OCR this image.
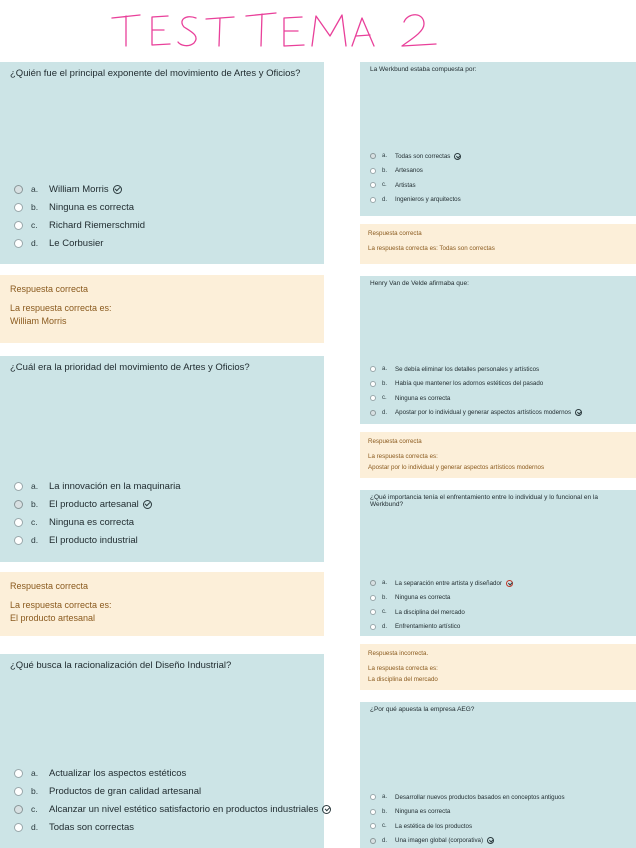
¿Quién fue el principal exponente del movimiento de Artes y Oficios?
a.	William Morris
b.	Ninguna es correcta
c.	Richard Riemerschmid
d.	Le Corbusier
Respuesta correcta
La respuesta correcta es:
William Morris
¿Cuál era la prioridad del movimiento de Artes y Oficios?
a.	La innovación en la maquinaria
b.	El producto artesanal
c.	Ninguna es correcta
d.	El producto industrial
Respuesta correcta
La respuesta correcta es:
El producto artesanal
¿Qué busca la racionalización del Diseño Industrial?
a.	Actualizar los aspectos estéticos
b.	Productos de gran calidad artesanal
c.	Alcanzar un nivel estético satisfactorio en productos industriales
d.	Todas son correctas
La Werkbund estaba compuesta por:
a.	Todas son correctas
b.	Artesanos
c.	Artistas
d.	Ingenieros y arquitectos
Respuesta correcta
La respuesta correcta es: Todas son correctas
Henry Van de Velde afirmaba que:
a.	Se debía eliminar los detalles personales y artísticos
b.	Había que mantener los adornos estéticos del pasado
c.	Ninguna es correcta
d.	Apostar por lo individual y generar aspectos artísticos modernos
Respuesta correcta
La respuesta correcta es:
Apostar por lo individual y generar aspectos artísticos modernos
¿Qué importancia tenía el enfrentamiento entre lo individual y lo funcional en la Werkbund?
a.	La separación entre artista y diseñador
b.	Ninguna es correcta
c.	La disciplina del mercado
d.	Enfrentamiento artístico
Respuesta incorrecta.
La respuesta correcta es:
La disciplina del mercado
¿Por qué apuesta la empresa AEG?
a.	Desarrollar nuevos productos basados en conceptos antiguos
b.	Ninguna es correcta
c.	La estética de los productos
d.	Una imagen global (corporativa)
